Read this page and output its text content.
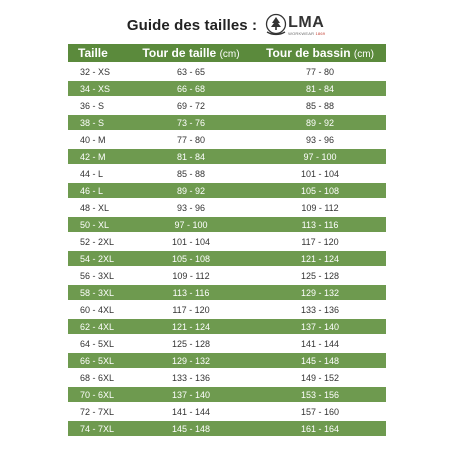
Guide des tailles : LMA
WORKWEAR 1869
Taille	Tour de taille (cm)	Tour de bassin (cm)
32 - XS	63 - 65	77 - 80
34 - XS	66 - 68	81 - 84
36 - S	69 - 72	85 - 88
38 - S	73 - 76	89 - 92
40 - M	77 - 80	93 - 96
42 - M	81 - 84	97 - 100
44 - L	85 - 88	101 - 104
46 - L	89 - 92	105 - 108
48 - XL	93 - 96	109 - 112
50 - XL	97 - 100	113 - 116
52 - 2XL	101 - 104	117 - 120
54 - 2XL	105 - 108	121 - 124
56 - 3XL	109 - 112	125 - 128
58 - 3XL	113 - 116	129 - 132
60 - 4XL	117 - 120	133 - 136
62 - 4XL	121 - 124	137 - 140
64 - 5XL	125 - 128	141 - 144
66 - 5XL	129 - 132	145 - 148
68 - 6XL	133 - 136	149 - 152
70 - 6XL	137 - 140	153 - 156
72 - 7XL	141 - 144	157 - 160
74 - 7XL	145 - 148	161 - 164
